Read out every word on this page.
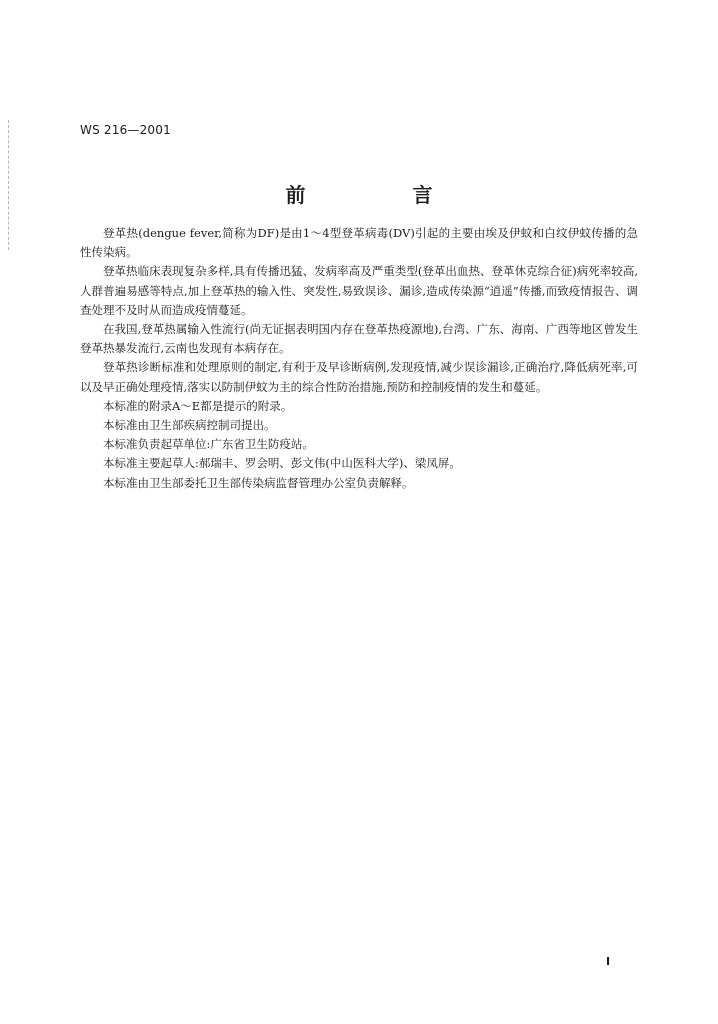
WS 216—2001
前 言

登革热(dengue fever,简称为DF)是由1～4型登革病毒(DV)引起的主要由埃及伊蚊和白纹伊蚊传播的急性传染病。

登革热临床表现复杂多样,具有传播迅猛、发病率高及严重类型(登革出血热、登革休克综合征)病死率较高,人群普遍易感等特点,加上登革热的输入性、突发性,易致误诊、漏诊,造成传染源“逍遥”传播,而致疫情报告、调查处理不及时从而造成疫情蔓延。

在我国,登革热属输入性流行(尚无证据表明国内存在登革热疫源地),台湾、广东、海南、广西等地区曾发生登革热暴发流行,云南也发现有本病存在。

登革热诊断标准和处理原则的制定,有利于及早诊断病例,发现疫情,减少误诊漏诊,正确治疗,降低病死率,可以及早正确处理疫情,落实以防制伊蚊为主的综合性防治措施,预防和控制疫情的发生和蔓延。

本标准的附录A～E都是提示的附录。

本标准由卫生部疾病控制司提出。

本标准负责起草单位:广东省卫生防疫站。

本标准主要起草人:郝瑞丰、罗会明、彭文伟(中山医科大学)、梁凤屏。

本标准由卫生部委托卫生部传染病监督管理办公室负责解释。

I
